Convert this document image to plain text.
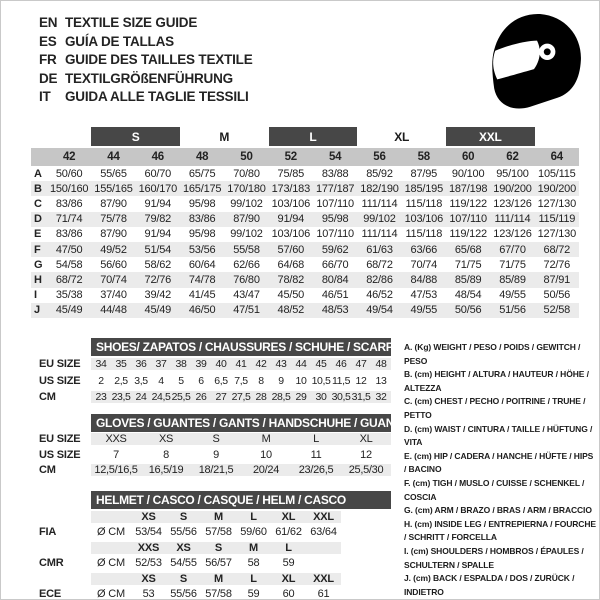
EN TEXTILE SIZE GUIDE
ES GUÍA DE TALLAS
FR GUIDE DES TAILLES TEXTILE
DE TEXTILGRÖßENFÜHRUNG
IT	GUIDA ALLE TAGLIE TESSILI
S	M	L	XL	XXL
42	44	46	48	50	52	54	56	58	60	62	64
A	50/60	55/65	60/70	65/75	70/80	75/85	83/88	85/92	87/95	90/100	95/100 105/115
B 150/160 155/165 160/170 165/175 170/180 173/183 177/187 182/190 185/195 187/198 190/200 190/200
C	83/86	87/90	91/94	95/98	99/102 103/106 107/110 111/114 115/118 119/122 123/126 127/130
D	71/74	75/78	79/82	83/86	87/90	91/94	95/98	99/102 103/106 107/110 111/114 115/119
E	83/86	87/90	91/94	95/98	99/102 103/106 107/110 111/114 115/118 119/122 123/126 127/130
F	47/50	49/52	51/54	53/56	55/58	57/60	59/62	61/63	63/66	65/68	67/70	68/72
G	54/58	56/60	58/62	60/64	62/66	64/68	66/70	68/72	70/74	71/75	71/75	72/76
H	68/72	70/74	72/76	74/78	76/80	78/82	80/84	82/86	84/88	85/89	85/89	87/91
I	35/38	37/40	39/42	41/45	43/47	45/50	46/51	46/52	47/53	48/54	49/55	50/56
J	45/49	44/48	45/49	46/50	47/51	48/52	48/53	49/54	49/55	50/56	51/56	52/58
SHOES/ ZAPATOS / CHAUSSURES / SCHUHE / SCARPE
EU SIZE	34 35 36 37 38 39 40 41 42 43 44 45 46 47 48
US SIZE	2	2,5 3,5	4	5	6	6,5 7,5	8	9	10 10,5 11,5 12 13
CM	23 23,5 24 24,5 25,5 26 27 27,5 28 28,5 29 30 30,5 31,5 32
GLOVES / GUANTES / GANTS / HANDSCHUHE / GUANTI
EU SIZE	XXS	XS	S	M	L	XL
US SIZE	7	8	9	10	11	12
CM	12,5/16,5	16,5/19	18/21,5	20/24	23/26,5	25,5/30
HELMET / CASCO / CASQUE / HELM / CASCO
XS	S	M	L	XL	XXL
FIA	Ø CM 53/54 55/56 57/58 59/60 61/62 63/64
XXS	XS	S	M	L
CMR	Ø CM 52/53 54/55 56/57	58	59
XS	S	M	L	XL	XXL
ECE	Ø CM	53	55/56 57/58	59	60	61
A. (Kg) WEIGHT / PESO / POIDS / GEWITCH / PESO
B. (cm) HEIGHT / ALTURA / HAUTEUR / HÖHE / ALTEZZA
C. (cm) CHEST / PECHO / POITRINE / TRUHE / PETTO
D. (cm) WAIST / CINTURA / TAILLE / HÜFTUNG / VITA
E. (cm) HIP / CADERA / HANCHE / HÜFTE / HIPS / BACINO
F. (cm) TIGH / MUSLO / CUISSE / SCHENKEL / COSCIA
G. (cm) ARM / BRAZO / BRAS / ARM / BRACCIO
H. (cm) INSIDE LEG / ENTREPIERNA / FOURCHE / SCHRITT / FORCELLA
I. (cm) SHOULDERS / HOMBROS / ÉPAULES / SCHULTERN / SPALLE
J. (cm) BACK / ESPALDA / DOS / ZURÜCK / INDIETRO
